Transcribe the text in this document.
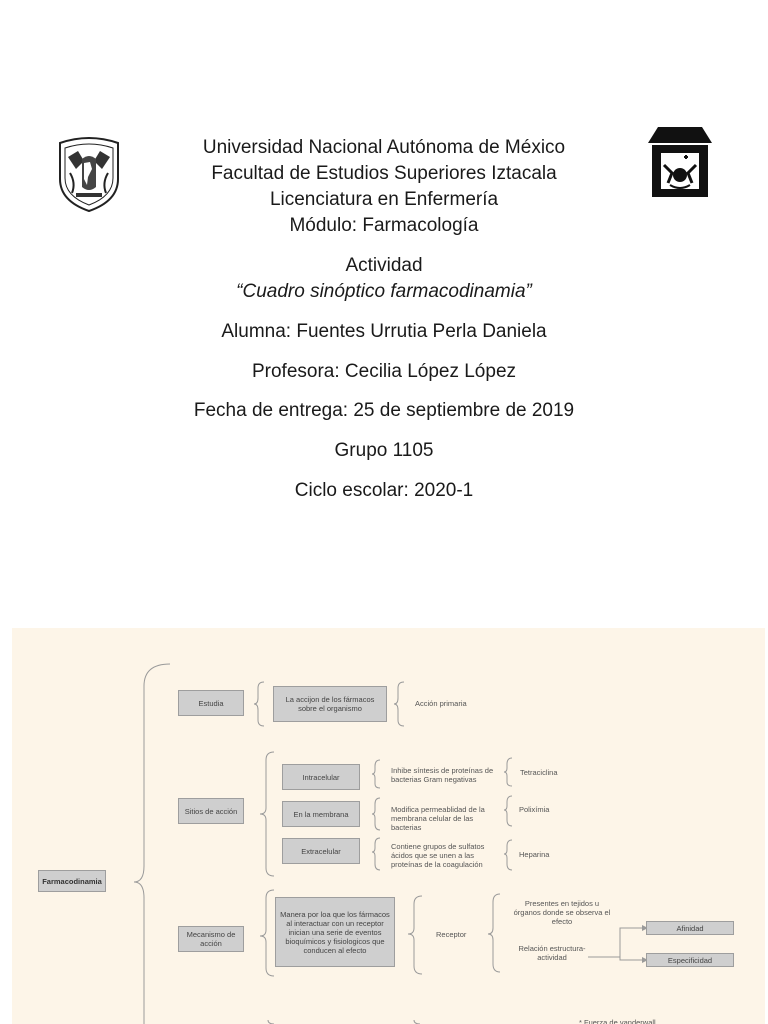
Universidad Nacional Autónoma de México
Facultad de Estudios Superiores Iztacala
Licenciatura en Enfermería
Módulo: Farmacología
Actividad
“Cuadro sinóptico farmacodinamia”
Alumna: Fuentes Urrutia Perla Daniela
Profesora: Cecilia López López
Fecha de entrega: 25 de septiembre de 2019
Grupo 1105
Ciclo escolar: 2020-1
Farmacodinamia
Estudia	La accijon de los fármacos sobre el organismo
Acción primaria
Sitios de acción
Intracelular
Inhibe síntesis de proteínas de bacterias Gram negativas
Tetraciclina
En la membrana	Modifica permeablidad de la membrana celular de las bacterias
Polixímia
Extracelular	Contiene grupos de sulfatos ácidos que se unen a las proteínas de la coagulación
Heparina
Mecanismo de acción
Manera por loa que los fármacos al interactuar con un receptor inician una serie de eventos bioquímicos y fisiologicos que conducen al efecto
Receptor
Presentes en tejidos u órganos donde se observa el efecto
Relación estructura-actividad
Afinidad
Especificidad
* Fuerza de vanderwall
